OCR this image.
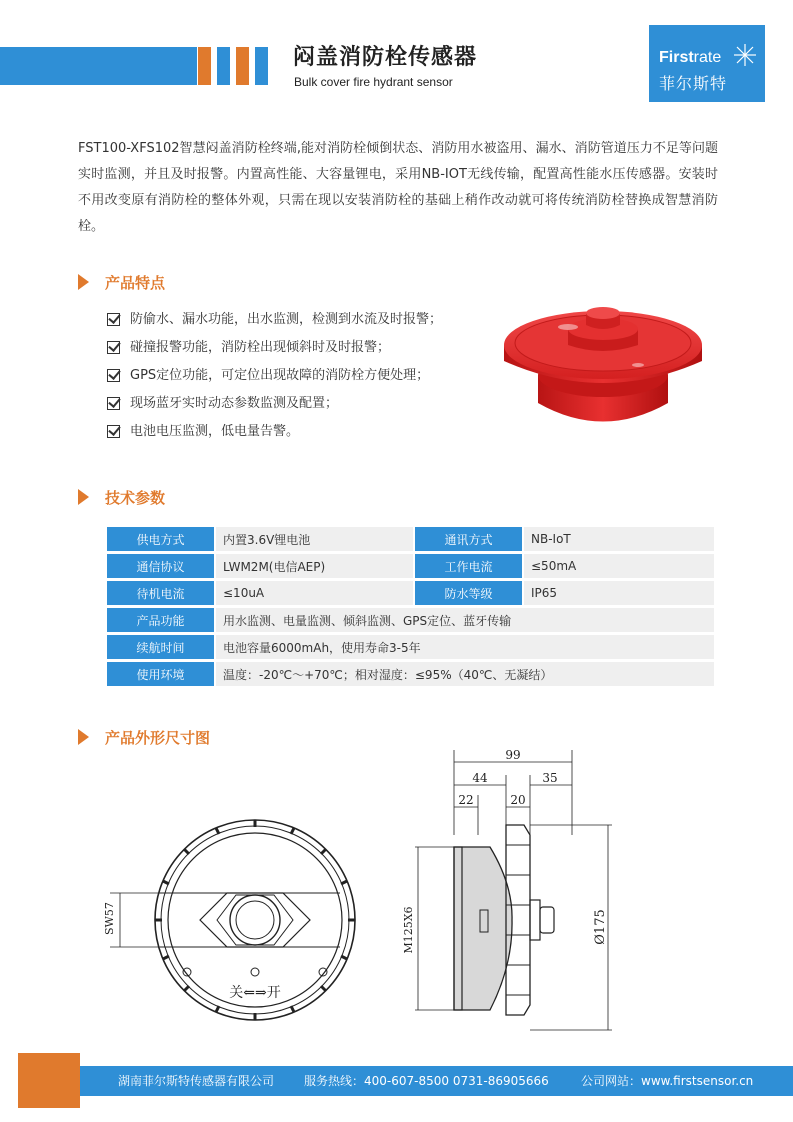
闷盖消防栓传感器
Bulk cover fire hydrant sensor
Firstrate
菲尔斯特
FST100-XFS102智慧闷盖消防栓终端,能对消防栓倾倒状态、消防用水被盗用、漏水、消防管道压力不足等问题实时监测，并且及时报警。内置高性能、大容量锂电，采用NB-IOT无线传输，配置高性能水压传感器。安装时不用改变原有消防栓的整体外观，只需在现以安装消防栓的基础上稍作改动就可将传统消防栓替换成智慧消防栓。
产品特点
防偷水、漏水功能，出水监测，检测到水流及时报警；
碰撞报警功能，消防栓出现倾斜时及时报警；
GPS定位功能，可定位出现故障的消防栓方便处理；
现场蓝牙实时动态参数监测及配置；
电池电压监测，低电量告警。
技术参数
供电方式	内置3.6V锂电池	通讯方式	NB-IoT
通信协议	LWM2M(电信AEP)	工作电流	≤50mA
待机电流	≤10uA	防水等级	IP65
产品功能	用水监测、电量监测、倾斜监测、GPS定位、蓝牙传输		
续航时间	电池容量6000mAh，使用寿命3-5年		
使用环境	温度：-20℃～+70℃；相对湿度：≤95%（40℃、无凝结）		
产品外形尺寸图
SW57
关⇐⇒开
99
44	35
22	20
M125X6	Ø175
湖南菲尔斯特传感器有限公司 服务热线：400-607-8500 0731-86905666	公司网站：www.firstsensor.cn
